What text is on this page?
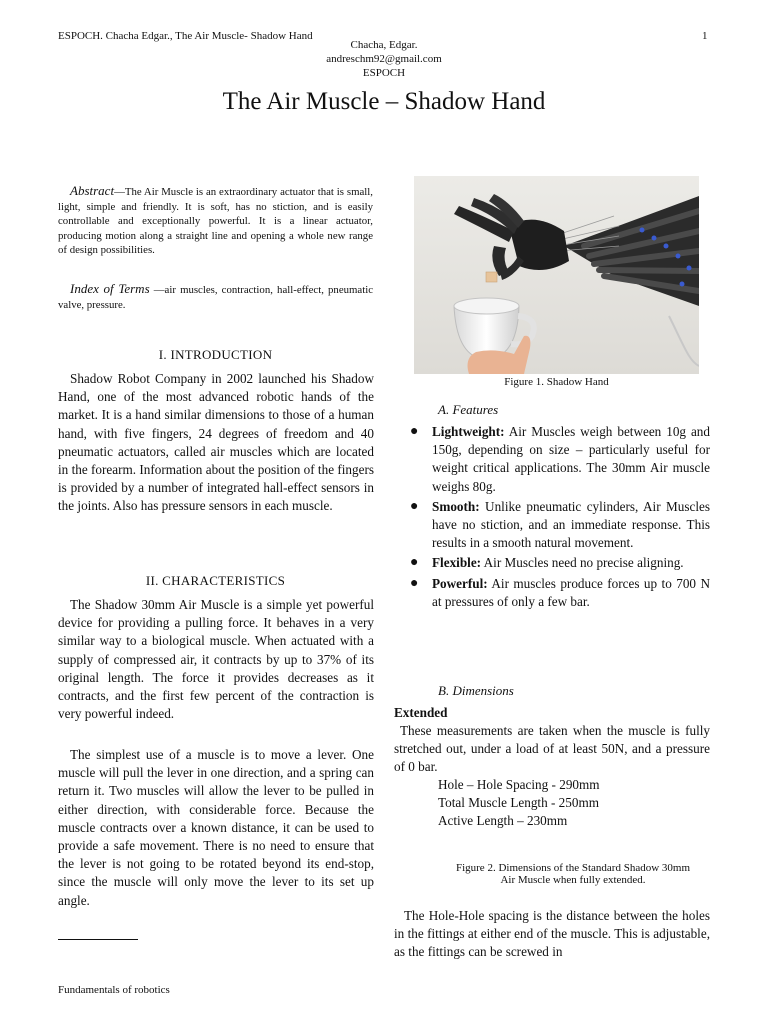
ESPOCH. Chacha Edgar., The Air Muscle- Shadow Hand	1
Chacha, Edgar.
andreschm92@gmail.com
ESPOCH
The Air Muscle – Shadow Hand
Abstract—The Air Muscle is an extraordinary actuator that is small, light, simple and friendly. It is soft, has no stiction, and is easily controllable and exceptionally powerful. It is a linear actuator, producing motion along a straight line and opening a whole new range of design possibilities.
Index of Terms —air muscles, contraction, hall-effect, pneumatic valve, pressure.
I. INTRODUCTION
Shadow Robot Company in 2002 launched his Shadow Hand, one of the most advanced robotic hands of the market. It is a hand similar dimensions to those of a human hand, with five fingers, 24 degrees of freedom and 40 pneumatic actuators, called air muscles which are located in the forearm. Information about the position of the fingers is provided by a number of integrated hall-effect sensors in the joints. Also has pressure sensors in each muscle.
II. CHARACTERISTICS
The Shadow 30mm Air Muscle is a simple yet powerful device for providing a pulling force. It behaves in a very similar way to a biological muscle. When actuated with a supply of compressed air, it contracts by up to 37% of its original length. The force it provides decreases as it contracts, and the first few percent of the contraction is very powerful indeed.
The simplest use of a muscle is to move a lever. One muscle will pull the lever in one direction, and a spring can return it. Two muscles will allow the lever to be pulled in either direction, with considerable force. Because the muscle contracts over a known distance, it can be used to provide a safe movement. There is no need to ensure that the lever is not going to be rotated beyond its end-stop, since the muscle will only move the lever to its set up angle.
Fundamentals of robotics
Figure 1. Shadow Hand
A. Features
● Lightweight: Air Muscles weigh between 10g and 150g, depending on size – particularly useful for weight critical applications. The 30mm Air muscle weighs 80g.
● Smooth: Unlike pneumatic cylinders, Air Muscles have no stiction, and an immediate response. This results in a smooth natural movement.
● Flexible: Air Muscles need no precise aligning.
● Powerful: Air muscles produce forces up to 700 N at pressures of only a few bar.
B. Dimensions
Extended
These measurements are taken when the muscle is fully stretched out, under a load of at least 50N, and a pressure of 0 bar.
Hole – Hole Spacing - 290mm
Total Muscle Length - 250mm
Active Length – 230mm
Figure 2. Dimensions of the Standard Shadow 30mm
Air Muscle when fully extended.
The Hole-Hole spacing is the distance between the holes in the fittings at either end of the muscle. This is adjustable, as the fittings can be screwed in
